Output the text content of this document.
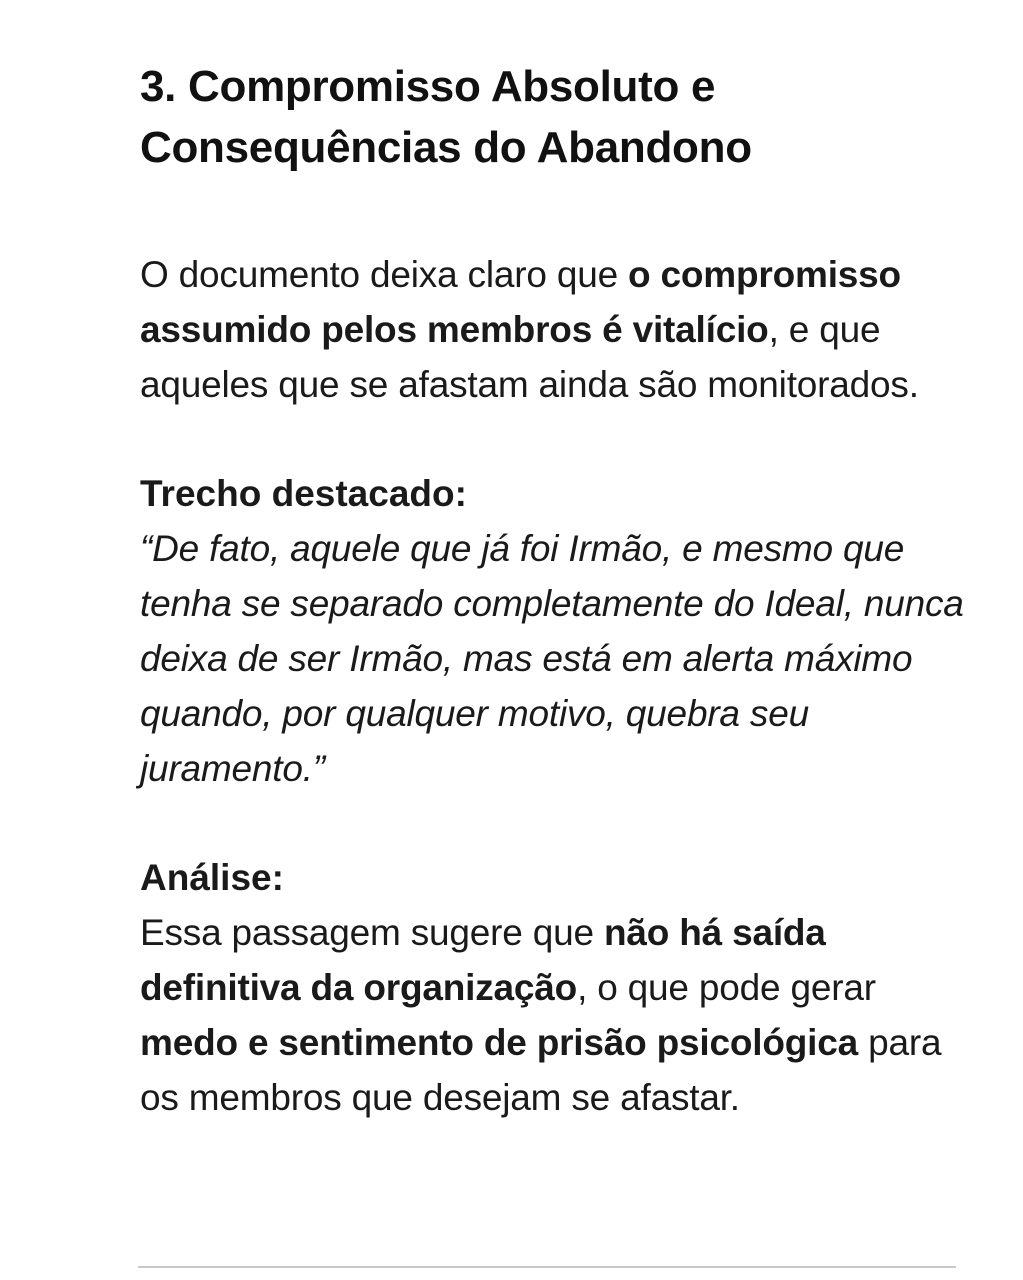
3. Compromisso Absoluto e
Consequências do Abandono

O documento deixa claro que o compromisso assumido pelos membros é vitalício, e que aqueles que se afastam ainda são monitorados.

Trecho destacado:

“De fato, aquele que já foi Irmão, e mesmo que tenha se separado completamente do Ideal, nunca deixa de ser Irmão, mas está em alerta máximo quando, por qualquer motivo, quebra seu juramento.”

Análise:

Essa passagem sugere que não há saída definitiva da organização, o que pode gerar medo e sentimento de prisão psicológica para os membros que desejam se afastar.
